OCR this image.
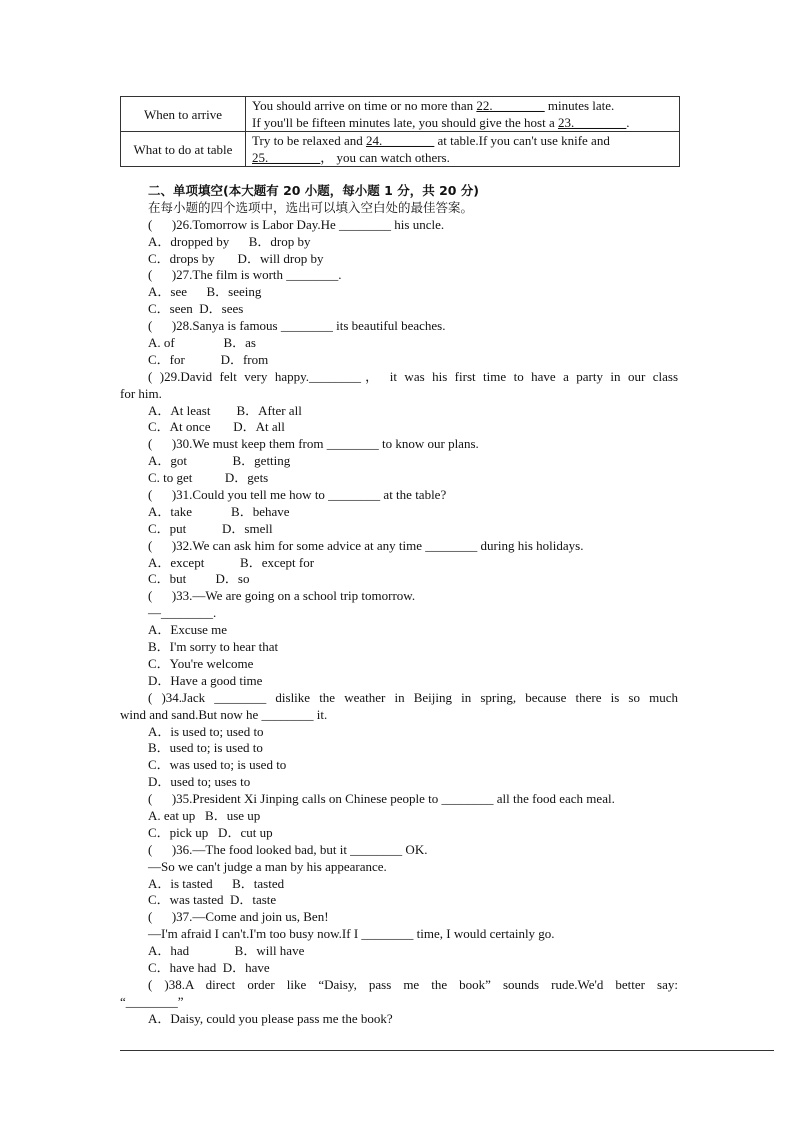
When to arrive	You should arrive on time or no more than 22.________ minutes late.
If you'll be fifteen minutes late, you should give the host a 23.________.

What to do at table	Try to be relaxed and 24.________ at table.If you can't use knife and
25.________， you can watch others.
二、单项填空(本大题有 20 小题，每小题 1 分，共 20 分)
在每小题的四个选项中，选出可以填入空白处的最佳答案。
(      )26.Tomorrow is Labor Day.He ________ his uncle.
A．dropped by      B．drop by
C．drops by       D．will drop by
(      )27.The film is worth ________.
A．see      B．seeing
C．seen  D．sees
(      )28.Sanya is famous ________ its beautiful beaches.
A. of               B．as
C．for           D．from
( )29.David felt very happy.________， it was his first time to have a party in our class
for him.
A．At least        B．After all
C．At once       D．At all
(      )30.We must keep them from ________ to know our plans.
A．got              B．getting
C. to get          D．gets
(      )31.Could you tell me how to ________ at the table?
A．take            B．behave
C．put           D．smell
(      )32.We can ask him for some advice at any time ________ during his holidays.
A．except           B．except for
C．but         D．so
(      )33.—We are going on a school trip tomorrow.
—________.
A．Excuse me
B．I'm sorry to hear that
C．You're welcome
D．Have a good time
( )34.Jack ________ dislike the weather in Beijing in spring, because there is so much
wind and sand.But now he ________ it.
A．is used to; used to
B．used to; is used to
C．was used to; is used to
D．used to; uses to
(      )35.President Xi Jinping calls on Chinese people to ________ all the food each meal.
A. eat up   B．use up
C．pick up   D．cut up
(      )36.—The food looked bad, but it ________ OK.
—So we can't judge a man by his appearance.
A．is tasted      B．tasted
C．was tasted  D．taste
(      )37.—Come and join us, Ben!
—I'm afraid I can't.I'm too busy now.If I ________ time, I would certainly go.
A．had              B．will have
C．have had  D．have
( )38.A direct order like “Daisy, pass me the book” sounds rude.We'd better say:
“________”
A．Daisy, could you please pass me the book?
